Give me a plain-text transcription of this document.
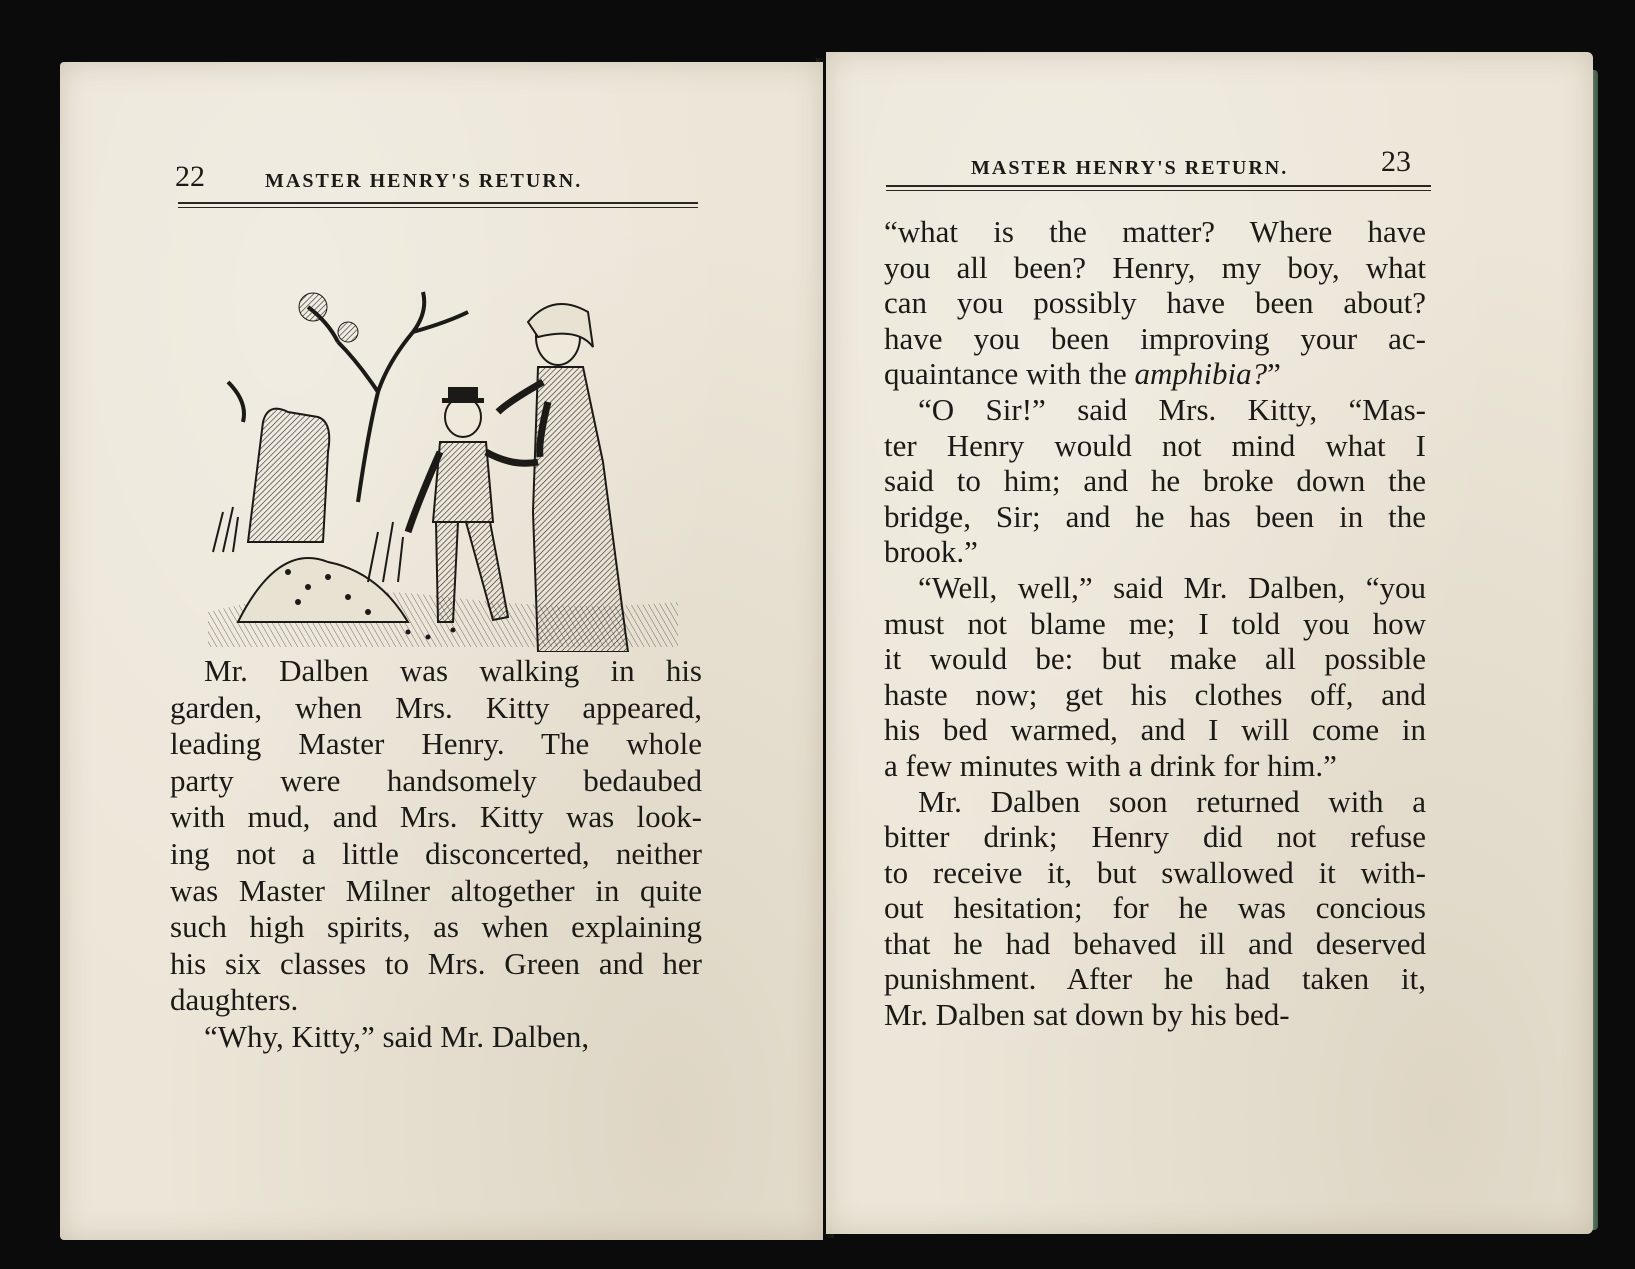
22	MASTER HENRY'S RETURN.

Mr. Dalben was walking in his
garden, when Mrs. Kitty appeared,
leading Master Henry. The whole
party were handsomely bedaubed
with mud, and Mrs. Kitty was look-
ing not a little disconcerted, neither
was Master Milner altogether in quite
such high spirits, as when explaining
his six classes to Mrs. Green and her
daughters.

“Why, Kitty,” said Mr. Dalben,

MASTER HENRY'S RETURN.	23
“what is the matter? Where have
you all been? Henry, my boy, what
can you possibly have been about?
have you been improving your ac-
quaintance with the amphibia?”
“O Sir!” said Mrs. Kitty, “Mas-
ter Henry would not mind what I
said to him; and he broke down the
bridge, Sir; and he has been in the
brook.”
“Well, well,” said Mr. Dalben, “you
must not blame me; I told you how
it would be: but make all possible
haste now; get his clothes off, and
his bed warmed, and I will come in
a few minutes with a drink for him.”
Mr. Dalben soon returned with a
bitter drink; Henry did not refuse
to receive it, but swallowed it with-
out hesitation; for he was concious
that he had behaved ill and deserved
punishment. After he had taken it,
Mr. Dalben sat down by his bed-
